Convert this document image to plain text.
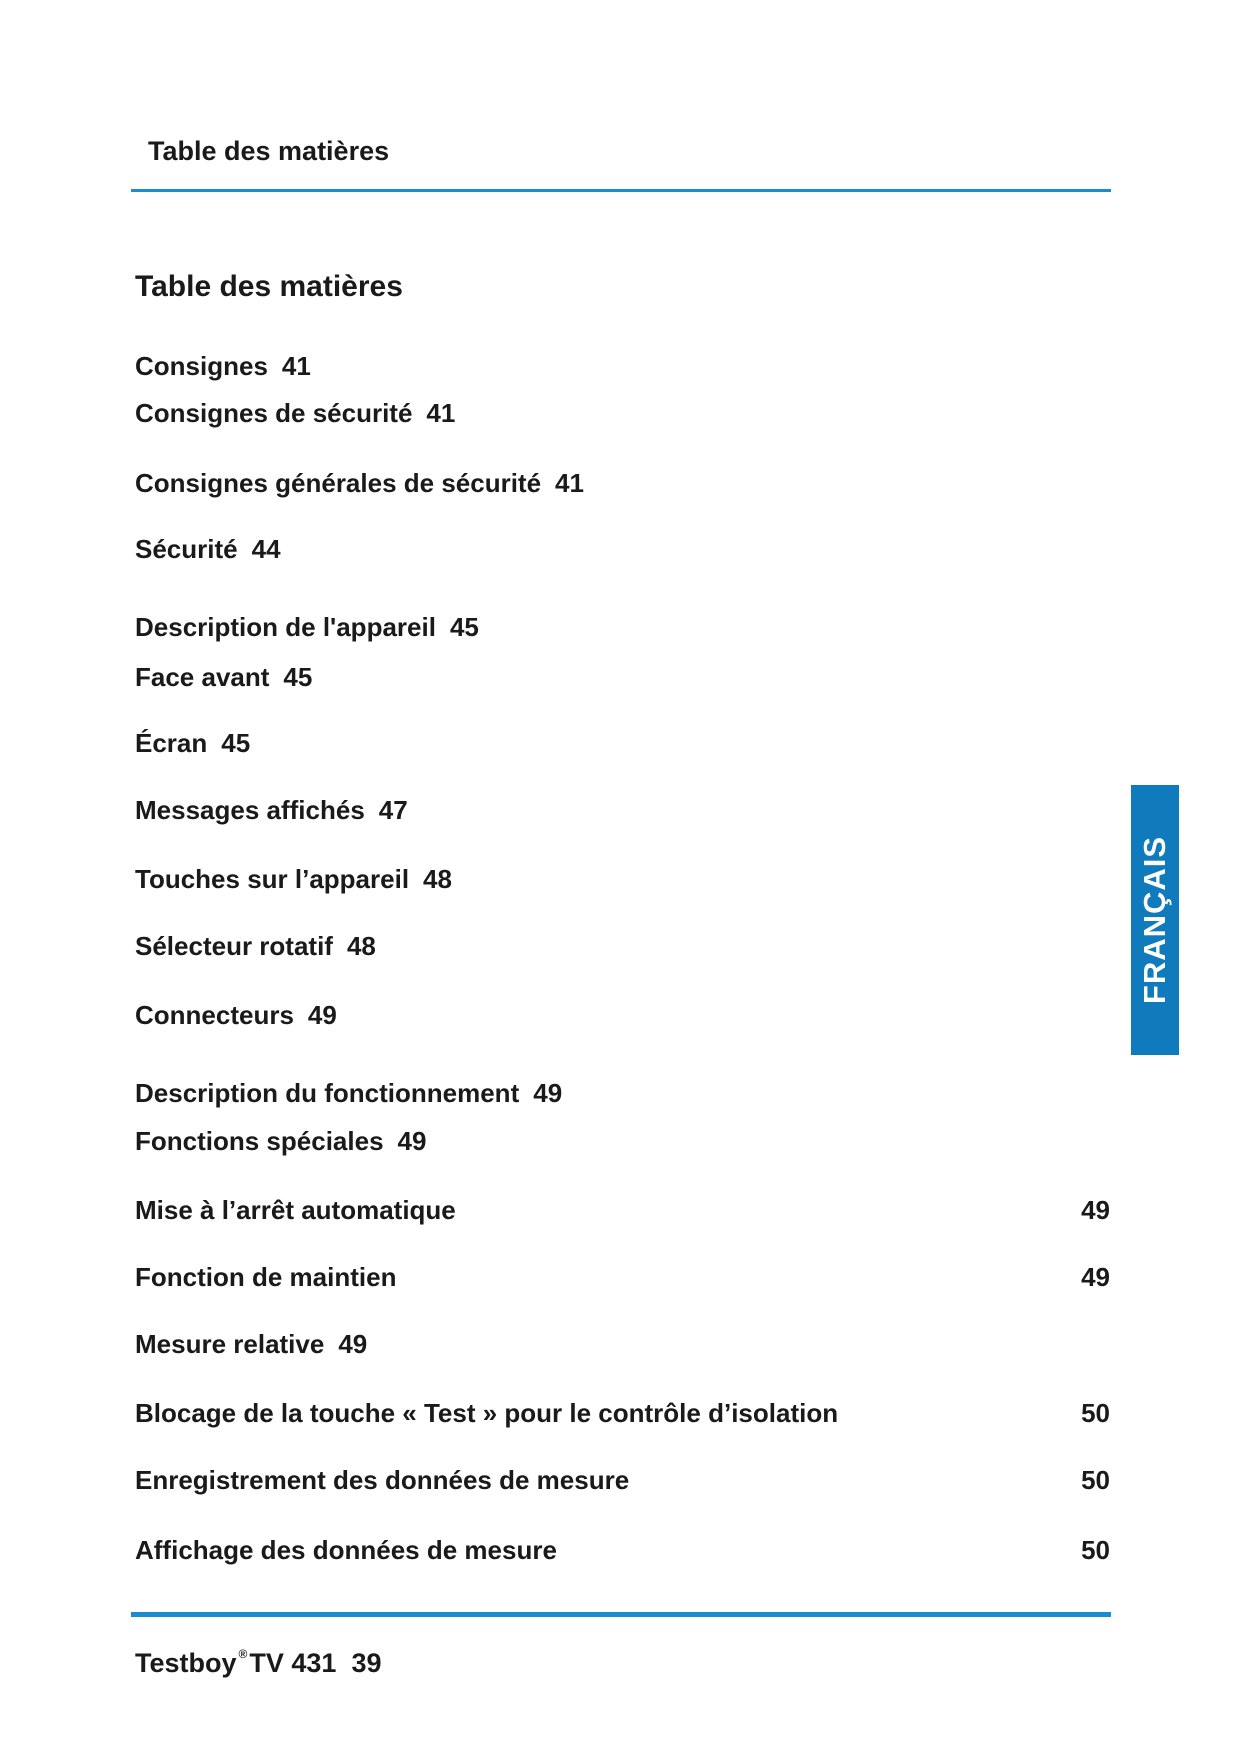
Table des matières
Table des matières
Consignes 41
Consignes de sécurité 41
Consignes générales de sécurité 41
Sécurité 44
Description de l'appareil 45
Face avant 45
Écran 45
Messages affichés 47
Touches sur l’appareil 48
Sélecteur rotatif 48
Connecteurs 49
Description du fonctionnement 49
Fonctions spéciales 49
Mise à l’arrêt automatique	49
Fonction de maintien	49
Mesure relative 49
Blocage de la touche « Test » pour le contrôle d’isolation	50
Enregistrement des données de mesure	50
Affichage des données de mesure	50
FRANÇAIS
Testboy ®TV 431 39
